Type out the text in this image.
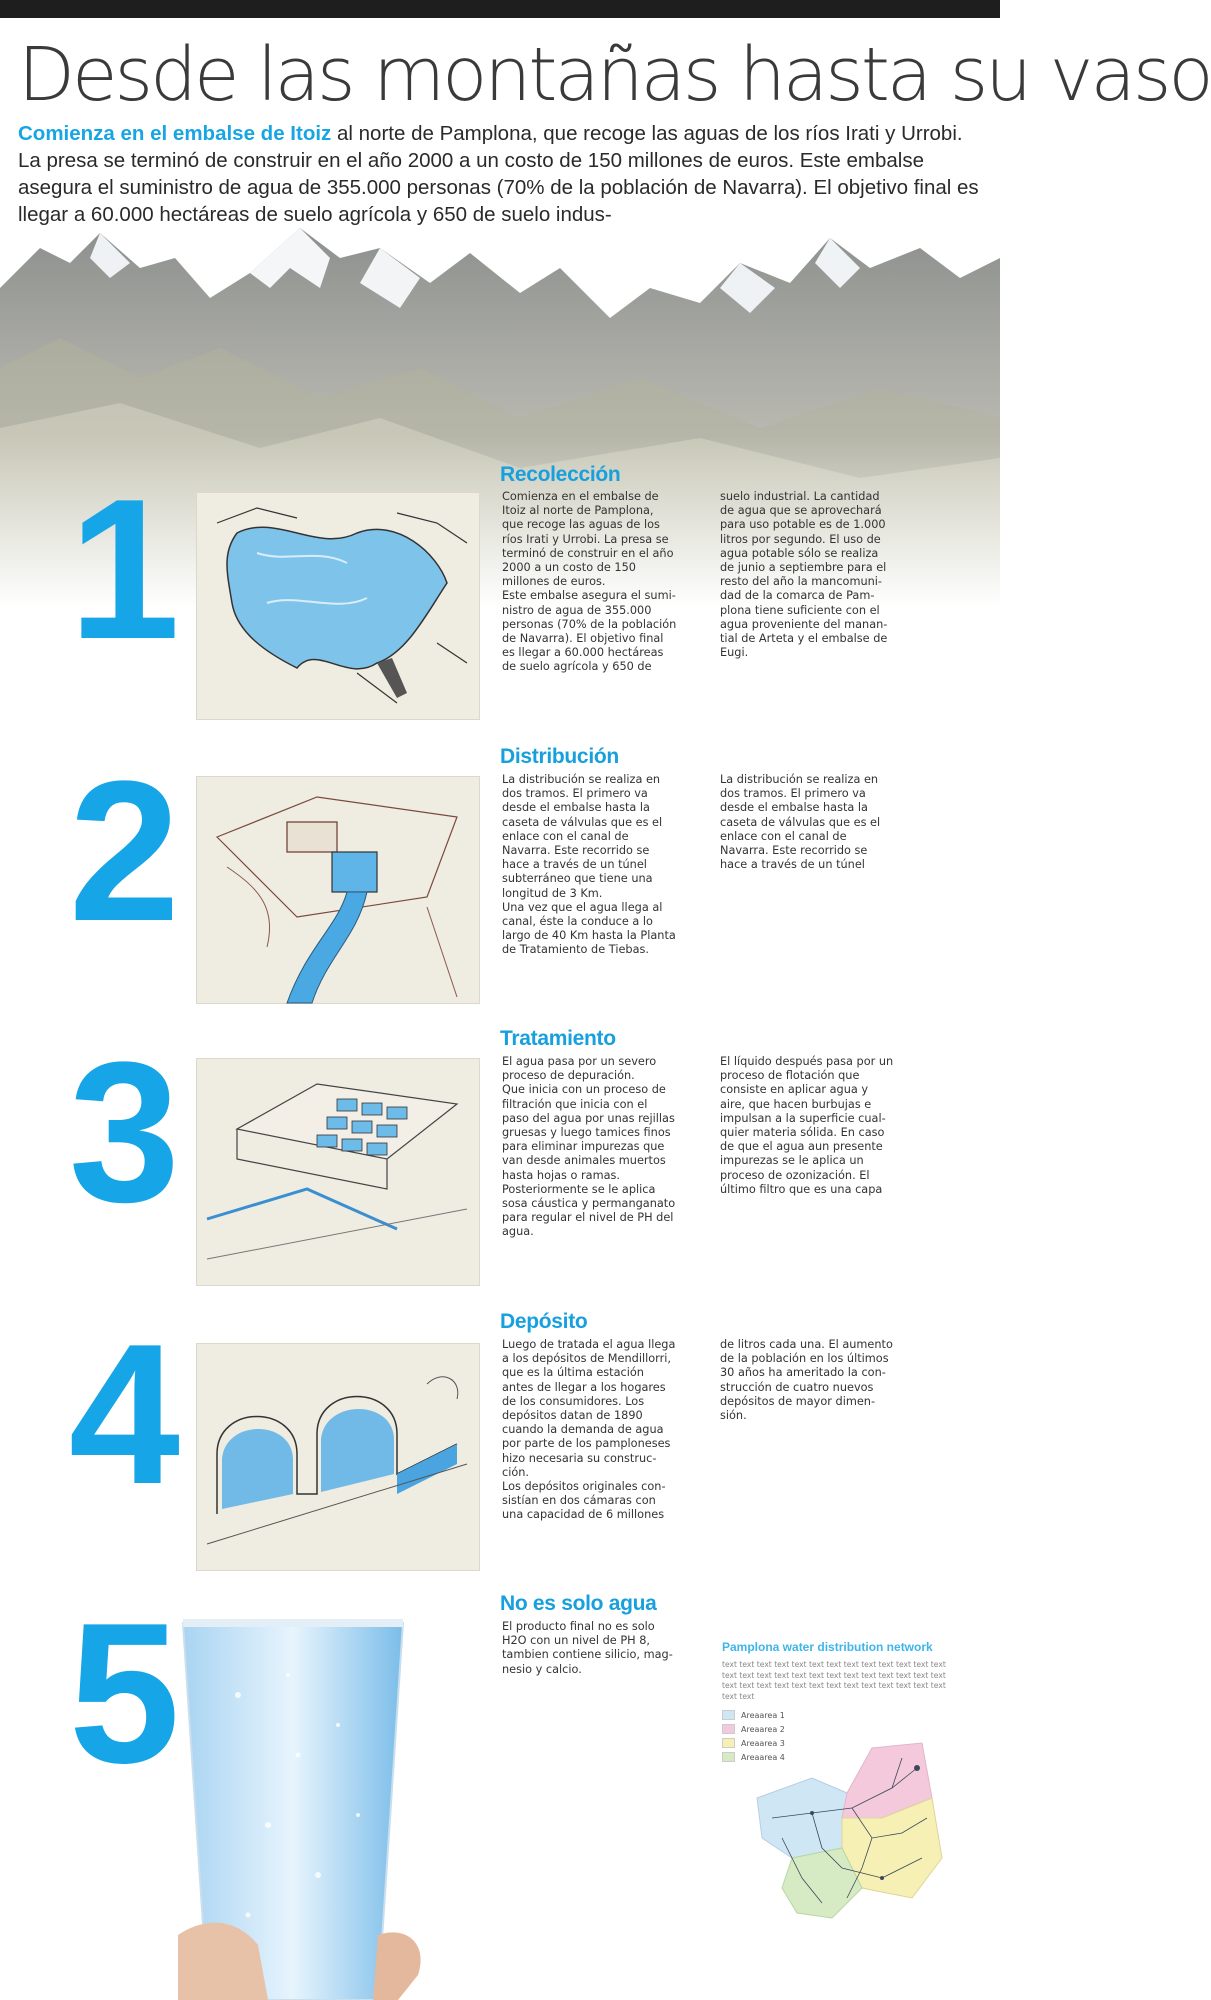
Desde las montañas hasta su vaso
Comienza en el embalse de Itoiz al norte de Pamplona, que recoge las aguas de los ríos Irati y Urrobi. La presa se terminó de construir en el año 2000 a un costo de 150 millones de euros. Este embalse asegura el suministro de agua de 355.000 personas (70% de la población de Navarra). El objetivo final es llegar a 60.000 hectáreas de suelo agrícola y 650 de suelo indus-
1	Recolección
Comienza en el embalse de
Itoiz al norte de Pamplona,
que recoge las aguas de los
ríos Irati y Urrobi. La presa se
terminó de construir en el año
2000 a un costo de 150
millones de euros.
Este embalse asegura el sumi-
nistro de agua de 355.000
personas (70% de la población
de Navarra). El objetivo final
es llegar a 60.000 hectáreas
de suelo agrícola y 650 de
suelo industrial. La cantidad
de agua que se aprovechará
para uso potable es de 1.000
litros por segundo. El uso de
agua potable sólo se realiza
de junio a septiembre para el
resto del año la mancomuni-
dad de la comarca de Pam-
plona tiene suficiente con el
agua proveniente del manan-
tial de Arteta y el embalse de
Eugi.
2	Distribución
La distribución se realiza en
dos tramos. El primero va
desde el embalse hasta la
caseta de válvulas que es el
enlace con el canal de
Navarra. Este recorrido se
hace a través de un túnel
subterráneo que tiene una
longitud de 3 Km.
Una vez que el agua llega al
canal, éste la conduce a lo
largo de 40 Km hasta la Planta
de Tratamiento de Tiebas.
La distribución se realiza en
dos tramos. El primero va
desde el embalse hasta la
caseta de válvulas que es el
enlace con el canal de
Navarra. Este recorrido se
hace a través de un túnel
3	Tratamiento
El agua pasa por un severo
proceso de depuración.
Que inicia con un proceso de
filtración que inicia con el
paso del agua por unas rejillas
gruesas y luego tamices finos
para eliminar impurezas que
van desde animales muertos
hasta hojas o ramas.
Posteriormente se le aplica
sosa cáustica y permanganato
para regular el nivel de PH del
agua.
El líquido después pasa por un
proceso de flotación que
consiste en aplicar agua y
aire, que hacen burbujas e
impulsan a la superficie cual-
quier materia sólida. En caso
de que el agua aun presente
impurezas se le aplica un
proceso de ozonización. El
último filtro que es una capa
4	Depósito
Luego de tratada el agua llega
a los depósitos de Mendillorri,
que es la última estación
antes de llegar a los hogares
de los consumidores. Los
depósitos datan de 1890
cuando la demanda de agua
por parte de los pamploneses
hizo necesaria su construc-
ción.
Los depósitos originales con-
sistían en dos cámaras con
una capacidad de 6 millones
de litros cada una. El aumento
de la población en los últimos
30 años ha ameritado la con-
strucción de cuatro nuevos
depósitos de mayor dimen-
sión.
5	No es solo agua
El producto final no es solo
H2O con un nivel de PH 8,
tambien contiene silicio, mag-
nesio y calcio.
Pamplona water distribution network
text text text text text text text text text text text text text text text text text text text text text text text text text text text text text text text text text text text text text text text text text
Areaarea 1
Areaarea 2
Areaarea 3
Areaarea 4
